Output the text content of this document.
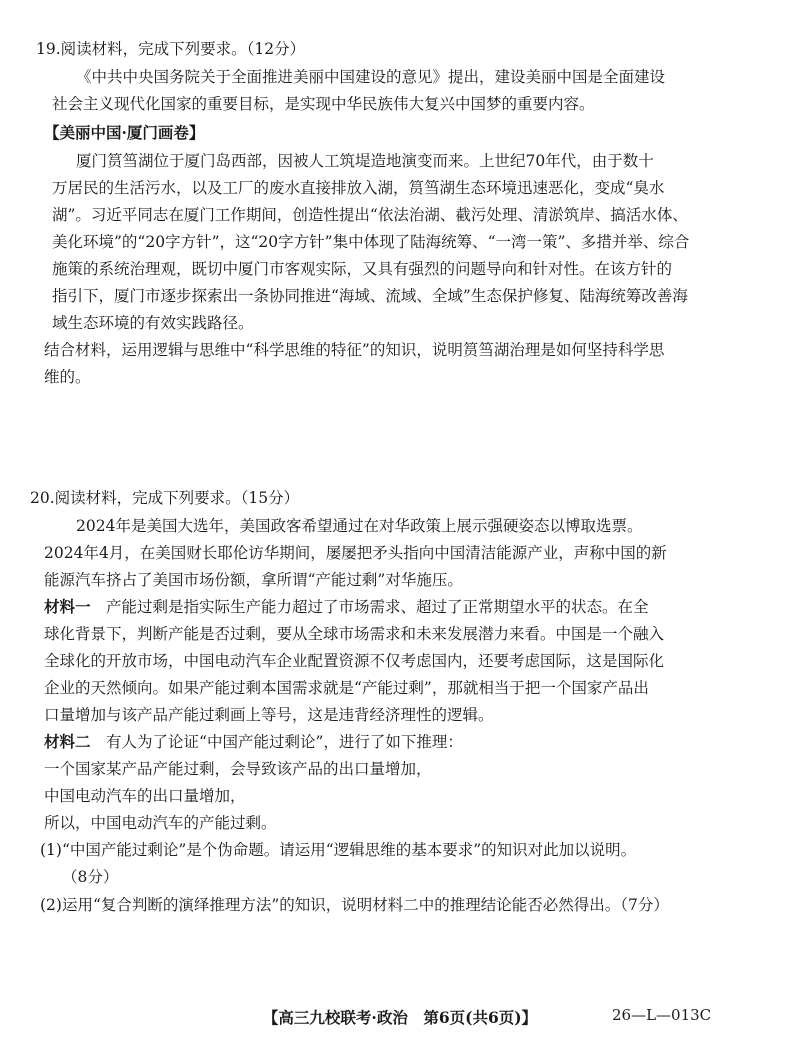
19.阅读材料，完成下列要求。（12分）
《中共中央国务院关于全面推进美丽中国建设的意见》提出，建设美丽中国是全面建设
社会主义现代化国家的重要目标，是实现中华民族伟大复兴中国梦的重要内容。
【美丽中国·厦门画卷】
厦门筼筜湖位于厦门岛西部，因被人工筑堤造地演变而来。上世纪70年代，由于数十
万居民的生活污水，以及工厂的废水直接排放入湖，筼筜湖生态环境迅速恶化，变成“臭水
湖”。习近平同志在厦门工作期间，创造性提出“依法治湖、截污处理、清淤筑岸、搞活水体、
美化环境”的“20字方针”，这“20字方针”集中体现了陆海统筹、“一湾一策”、多措并举、综合
施策的系统治理观，既切中厦门市客观实际，又具有强烈的问题导向和针对性。在该方针的
指引下，厦门市逐步探索出一条协同推进“海域、流域、全域”生态保护修复、陆海统筹改善海
域生态环境的有效实践路径。
结合材料，运用逻辑与思维中“科学思维的特征”的知识，说明筼筜湖治理是如何坚持科学思
维的。
20.阅读材料，完成下列要求。（15分）
2024年是美国大选年，美国政客希望通过在对华政策上展示强硬姿态以博取选票。
2024年4月，在美国财长耶伦访华期间，屡屡把矛头指向中国清洁能源产业，声称中国的新
能源汽车挤占了美国市场份额，拿所谓“产能过剩”对华施压。
材料一　 产能过剩是指实际生产能力超过了市场需求、超过了正常期望水平的状态。在全
球化背景下，判断产能是否过剩，要从全球市场需求和未来发展潜力来看。中国是一个融入
全球化的开放市场，中国电动汽车企业配置资源不仅考虑国内，还要考虑国际，这是国际化
企业的天然倾向。如果产能过剩本国需求就是“产能过剩”，那就相当于把一个国家产品出
口量增加与该产品产能过剩画上等号，这是违背经济理性的逻辑。
材料二　 有人为了论证“中国产能过剩论”，进行了如下推理：
一个国家某产品产能过剩，会导致该产品的出口量增加，
中国电动汽车的出口量增加，
所以，中国电动汽车的产能过剩。
(1)“中国产能过剩论”是个伪命题。请运用“逻辑思维的基本要求”的知识对此加以说明。
（8分）
(2)运用“复合判断的演绎推理方法”的知识，说明材料二中的推理结论能否必然得出。（7分）
【高三九校联考·政治　第6页(共6页)】	26—L—013C
